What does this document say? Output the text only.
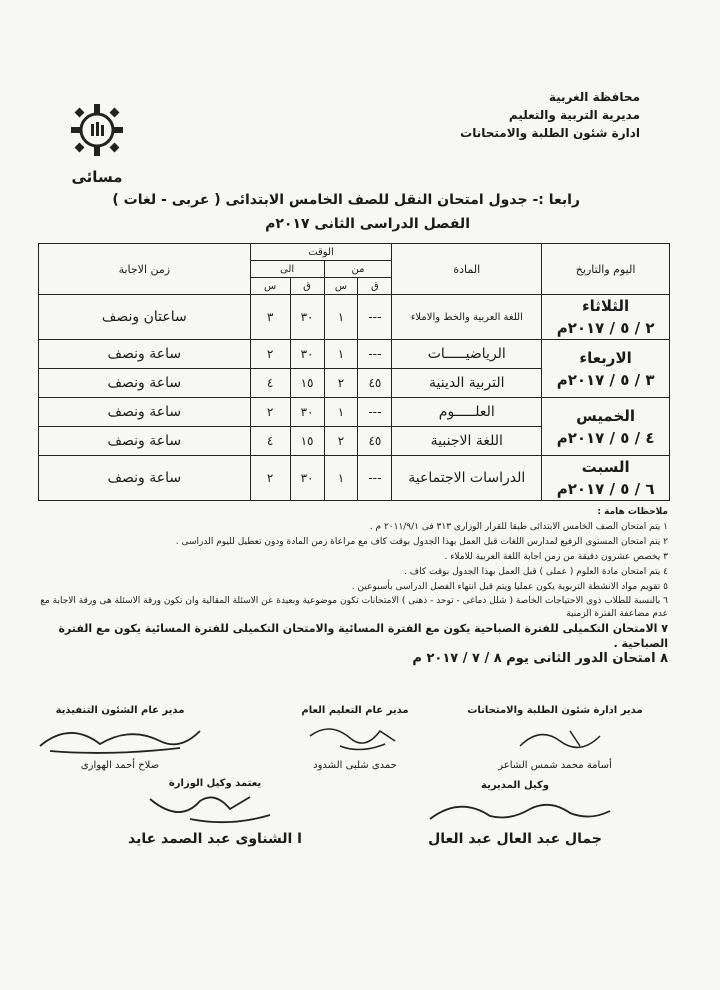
محافظة الغربية
مديرية التربية والتعليم
ادارة شئون الطلبة والامتحانات
مسائى
رابعا :- جدول امتحان النقل للصف الخامس الابتدائى ( عربى - لغات )
الفصل الدراسى الثانى ٢٠١٧م
اليوم والتاريخ	المادة	الوقت				زمن الاجابة
		من		الى		
		ق	س	ق	س	

الثلاثاء
٢ / ٥ / ٢٠١٧م	اللغة العربية والخط والاملاء	---	١	٣٠	٣	ساعتان ونصف

الاربعاء
٣ / ٥ / ٢٠١٧م	الرياضيـــــات	---	١	٣٠	٢	ساعة ونصف
	التربية الدينية	٤٥	٢	١٥	٤	ساعة ونصف

الخميس
٤ / ٥ / ٢٠١٧م	العلـــــوم	---	١	٣٠	٢	ساعة ونصف
	اللغة الاجنبية	٤٥	٢	١٥	٤	ساعة ونصف

السبت
٦ / ٥ / ٢٠١٧م	الدراسات الاجتماعية	---	١	٣٠	٢	ساعة ونصف
ملاحظات هامة :
١ يتم امتحان الصف الخامس الابتدائى طبقا للقرار الوزارى ٣١٣ فى ٢٠١١/٩/١ م .
٢ يتم امتحان المستوى الرفيع لمدارس اللغات قبل العمل بهذا الجدول بوقت كاف مع مراعاة زمن المادة ودون تعطيل لليوم الدراسى .
٣ يخصص عشرون دقيقة من زمن اجابة اللغة العربية للاملاء .
٤ يتم امتحان مادة العلوم ( عملى ) قبل العمل بهذا الجدول بوقت كاف .
٥ تقويم مواد الانشطة التربوية يكون عمليا ويتم قبل انتهاء الفصل الدراسى بأسبوعين .
٦ بالنسبة للطلاب ذوى الاحتياجات الخاصة ( شلل دماغى - توحد - ذهنى ) الامتحانات تكون موضوعية وبعيدة عن الاسئلة المقالية وان تكون ورقة الاسئلة هى ورقة الاجابة مع عدم مضاعفة الفترة الزمنية
٧ الامتحان التكميلى للفترة الصباحية يكون مع الفترة المسائية والامتحان التكميلى للفترة المسائية يكون مع الفترة الصباحية .
٨ امتحان الدور الثانى يوم ٨ / ٧ / ٢٠١٧ م
مدير ادارة شئون الطلبة والامتحانات
أسامة محمد شمس الشاعر
مدير عام التعليم العام
حمدى شلبى الشدود
مدير عام الشئون التنفيذية
صلاح أحمد الهوارى
وكيل المديرية
جمال عبد العال عبد العال
يعتمد وكيل الوزارة
ا الشناوى عبد الصمد عايد
